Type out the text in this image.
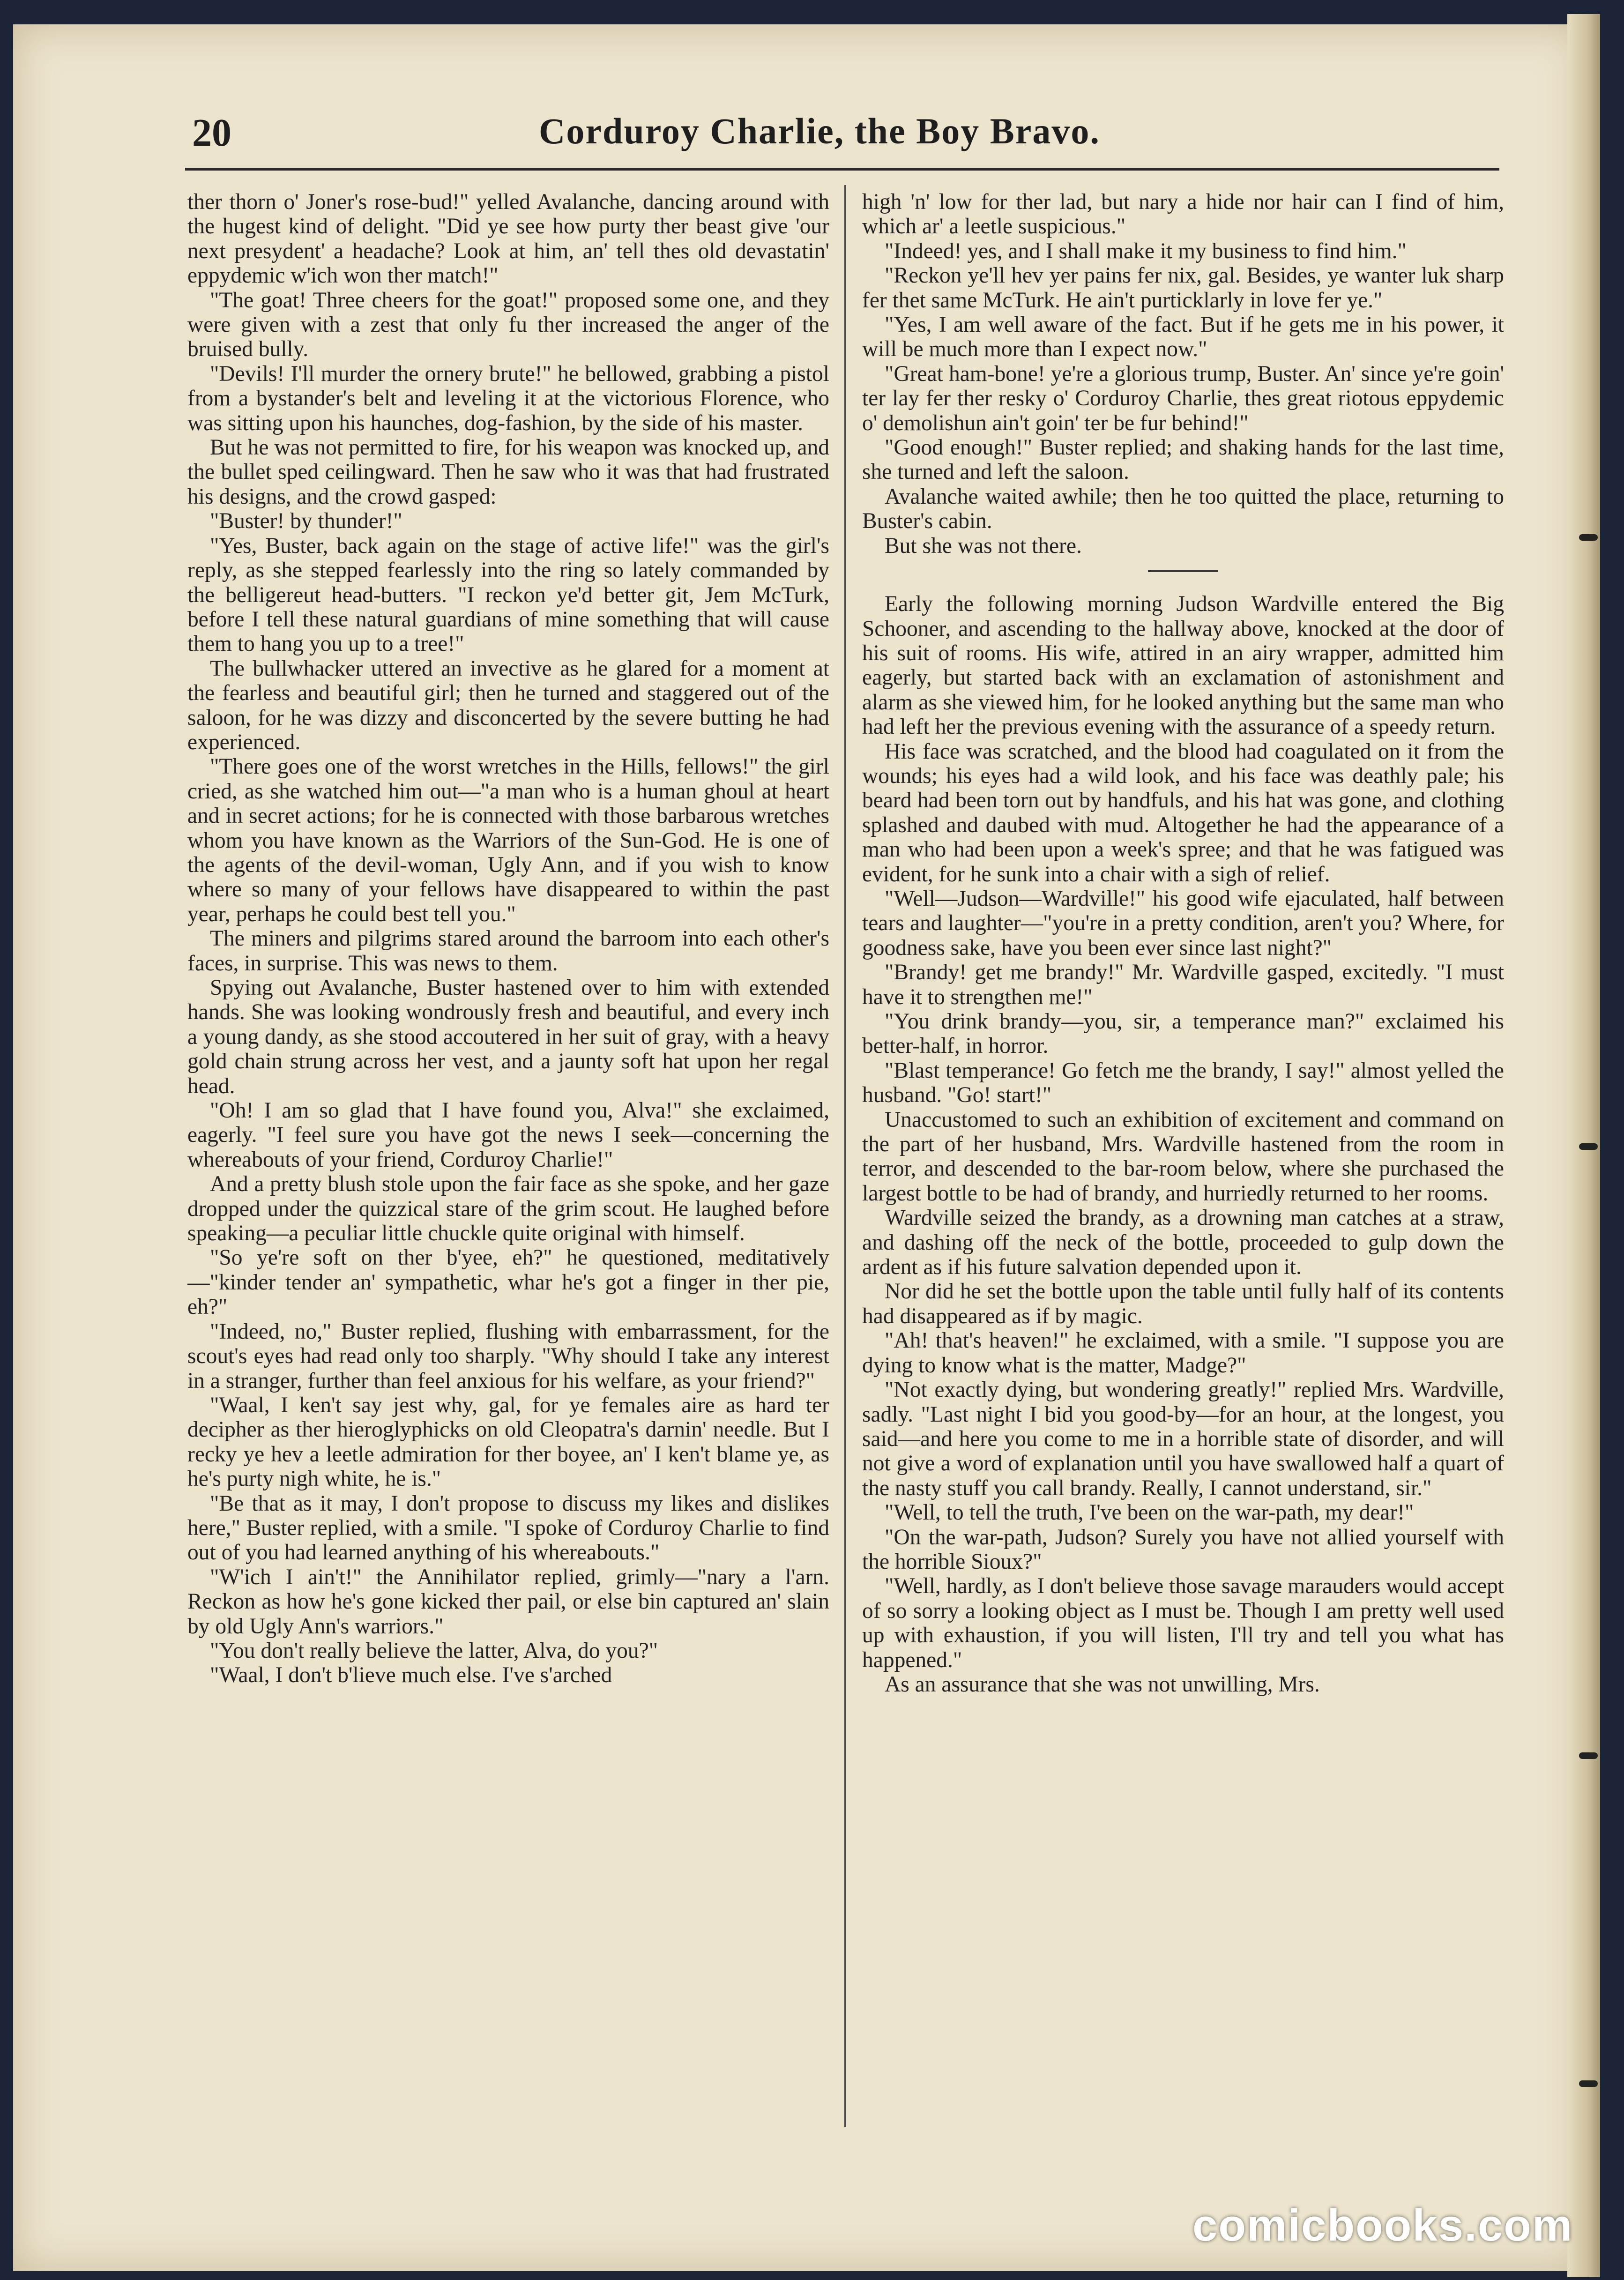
20	Corduroy Charlie, the Boy Bravo.

ther thorn o' Joner's rose-bud!" yelled Avalanche, dancing around with the hugest kind of delight. "Did ye see how purty ther beast give 'our next presydent' a headache? Look at him, an' tell thes old devastatin' eppydemic w'ich won ther match!"

"The goat! Three cheers for the goat!" proposed some one, and they were given with a zest that only fu ther increased the anger of the bruised bully.

"Devils! I'll murder the ornery brute!" he bellowed, grabbing a pistol from a bystander's belt and leveling it at the victorious Florence, who was sitting upon his haunches, dog-fashion, by the side of his master.

But he was not permitted to fire, for his weapon was knocked up, and the bullet sped ceilingward. Then he saw who it was that had frustrated his designs, and the crowd gasped:

"Buster! by thunder!"

"Yes, Buster, back again on the stage of active life!" was the girl's reply, as she stepped fearlessly into the ring so lately commanded by the belligereut head-butters. "I reckon ye'd better git, Jem McTurk, before I tell these natural guardians of mine something that will cause them to hang you up to a tree!"

The bullwhacker uttered an invective as he glared for a moment at the fearless and beautiful girl; then he turned and staggered out of the saloon, for he was dizzy and disconcerted by the severe butting he had experienced.

"There goes one of the worst wretches in the Hills, fellows!" the girl cried, as she watched him out—"a man who is a human ghoul at heart and in secret actions; for he is connected with those barbarous wretches whom you have known as the Warriors of the Sun-God. He is one of the agents of the devil-woman, Ugly Ann, and if you wish to know where so many of your fellows have disappeared to within the past year, perhaps he could best tell you."

The miners and pilgrims stared around the barroom into each other's faces, in surprise. This was news to them.

Spying out Avalanche, Buster hastened over to him with extended hands. She was looking wondrously fresh and beautiful, and every inch a young dandy, as she stood accoutered in her suit of gray, with a heavy gold chain strung across her vest, and a jaunty soft hat upon her regal head.

"Oh! I am so glad that I have found you, Alva!" she exclaimed, eagerly. "I feel sure you have got the news I seek—concerning the whereabouts of your friend, Corduroy Charlie!"

And a pretty blush stole upon the fair face as she spoke, and her gaze dropped under the quizzical stare of the grim scout. He laughed before speaking—a peculiar little chuckle quite original with himself.

"So ye're soft on ther b'yee, eh?" he questioned, meditatively—"kinder tender an' sympathetic, whar he's got a finger in ther pie, eh?"

"Indeed, no," Buster replied, flushing with embarrassment, for the scout's eyes had read only too sharply. "Why should I take any interest in a stranger, further than feel anxious for his welfare, as your friend?"

"Waal, I ken't say jest why, gal, for ye females aire as hard ter decipher as ther hieroglyphicks on old Cleopatra's darnin' needle. But I recky ye hev a leetle admiration for ther boyee, an' I ken't blame ye, as he's purty nigh white, he is."

"Be that as it may, I don't propose to discuss my likes and dislikes here," Buster replied, with a smile. "I spoke of Corduroy Charlie to find out of you had learned anything of his whereabouts."

"W'ich I ain't!" the Annihilator replied, grimly—"nary a l'arn. Reckon as how he's gone kicked ther pail, or else bin captured an' slain by old Ugly Ann's warriors."

"You don't really believe the latter, Alva, do you?"

"Waal, I don't b'lieve much else. I've s'arched

high 'n' low for ther lad, but nary a hide nor hair can I find of him, which ar' a leetle suspicious."

"Indeed! yes, and I shall make it my business to find him."

"Reckon ye'll hev yer pains fer nix, gal. Besides, ye wanter luk sharp fer thet same McTurk. He ain't purticklarly in love fer ye."

"Yes, I am well aware of the fact. But if he gets me in his power, it will be much more than I expect now."

"Great ham-bone! ye're a glorious trump, Buster. An' since ye're goin' ter lay fer ther resky o' Corduroy Charlie, thes great riotous eppydemic o' demolishun ain't goin' ter be fur behind!"

"Good enough!" Buster replied; and shaking hands for the last time, she turned and left the saloon.

Avalanche waited awhile; then he too quitted the place, returning to Buster's cabin.

But she was not there.

Early the following morning Judson Wardville entered the Big Schooner, and ascending to the hallway above, knocked at the door of his suit of rooms. His wife, attired in an airy wrapper, admitted him eagerly, but started back with an exclamation of astonishment and alarm as she viewed him, for he looked anything but the same man who had left her the previous evening with the assurance of a speedy return.

His face was scratched, and the blood had coagulated on it from the wounds; his eyes had a wild look, and his face was deathly pale; his beard had been torn out by handfuls, and his hat was gone, and clothing splashed and daubed with mud. Altogether he had the appearance of a man who had been upon a week's spree; and that he was fatigued was evident, for he sunk into a chair with a sigh of relief.

"Well—Judson—Wardville!" his good wife ejaculated, half between tears and laughter—"you're in a pretty condition, aren't you? Where, for goodness sake, have you been ever since last night?"

"Brandy! get me brandy!" Mr. Wardville gasped, excitedly. "I must have it to strengthen me!"

"You drink brandy—you, sir, a temperance man?" exclaimed his better-half, in horror.

"Blast temperance! Go fetch me the brandy, I say!" almost yelled the husband. "Go! start!"

Unaccustomed to such an exhibition of excitement and command on the part of her husband, Mrs. Wardville hastened from the room in terror, and descended to the bar-room below, where she purchased the largest bottle to be had of brandy, and hurriedly returned to her rooms.

Wardville seized the brandy, as a drowning man catches at a straw, and dashing off the neck of the bottle, proceeded to gulp down the ardent as if his future salvation depended upon it.

Nor did he set the bottle upon the table until fully half of its contents had disappeared as if by magic.

"Ah! that's heaven!" he exclaimed, with a smile. "I suppose you are dying to know what is the matter, Madge?"

"Not exactly dying, but wondering greatly!" replied Mrs. Wardville, sadly. "Last night I bid you good-by—for an hour, at the longest, you said—and here you come to me in a horrible state of disorder, and will not give a word of explanation until you have swallowed half a quart of the nasty stuff you call brandy. Really, I cannot understand, sir."

"Well, to tell the truth, I've been on the war-path, my dear!"

"On the war-path, Judson? Surely you have not allied yourself with the horrible Sioux?"

"Well, hardly, as I don't believe those savage marauders would accept of so sorry a looking object as I must be. Though I am pretty well used up with exhaustion, if you will listen, I'll try and tell you what has happened."

As an assurance that she was not unwilling, Mrs.

comicbooks.com
